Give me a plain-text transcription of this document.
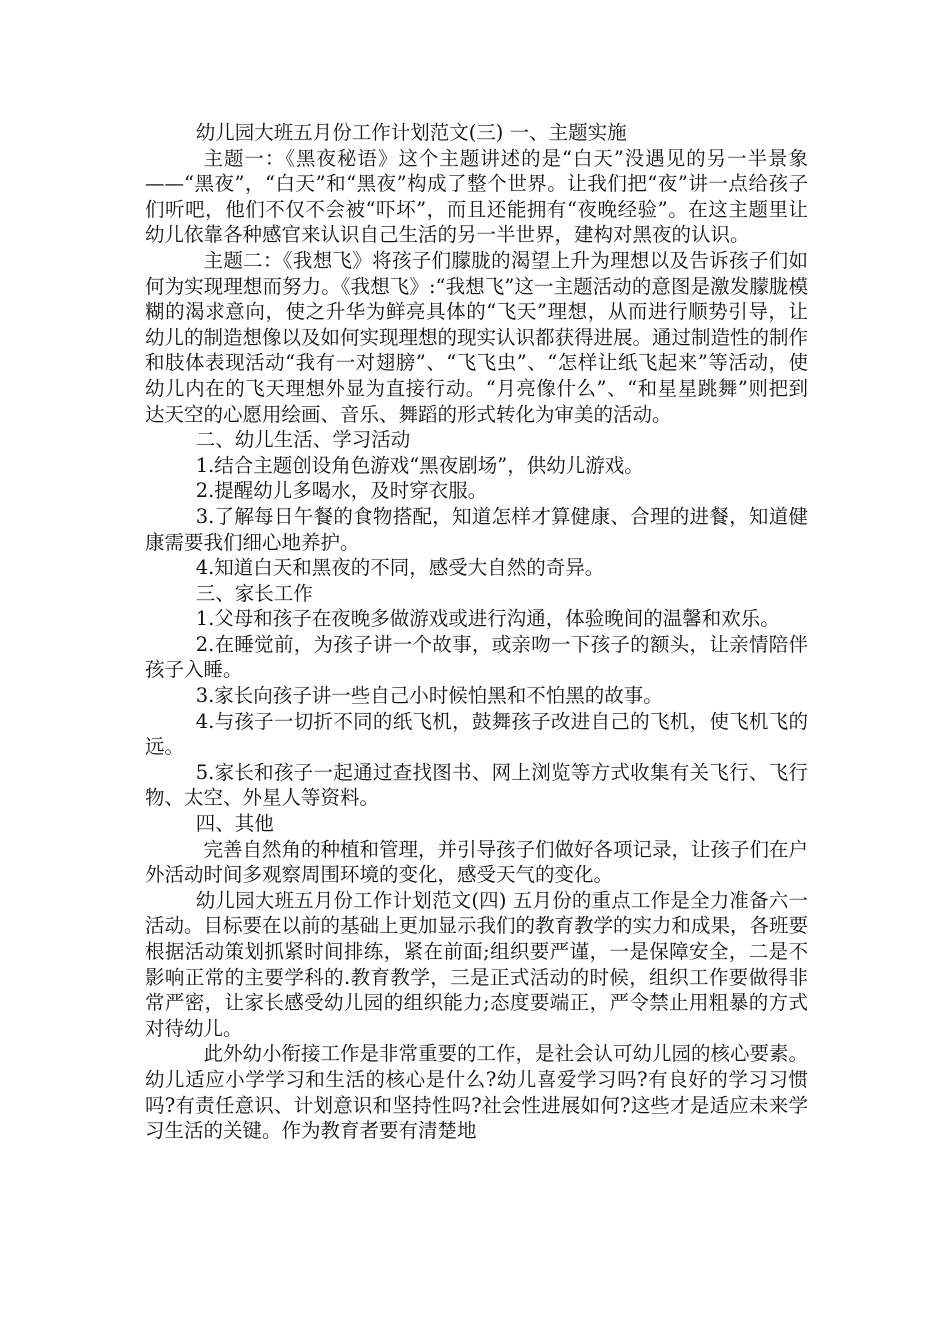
幼儿园大班五月份工作计划范文(三) 一、主题实施

主题一：《黑夜秘语》这个主题讲述的是“白天”没遇见的另一半景象——“黑夜”，“白天”和“黑夜”构成了整个世界。让我们把“夜”讲一点给孩子们听吧，他们不仅不会被“吓坏”，而且还能拥有“夜晚经验”。在这主题里让幼儿依靠各种感官来认识自己生活的另一半世界，建构对黑夜的认识。

主题二：《我想飞》将孩子们朦胧的渴望上升为理想以及告诉孩子们如何为实现理想而努力。《我想飞》:“我想飞”这一主题活动的意图是激发朦胧模糊的渴求意向，使之升华为鲜亮具体的“飞天”理想，从而进行顺势引导，让幼儿的制造想像以及如何实现理想的现实认识都获得进展。通过制造性的制作和肢体表现活动“我有一对翅膀”、“飞飞虫”、“怎样让纸飞起来”等活动，使幼儿内在的飞天理想外显为直接行动。“月亮像什么”、“和星星跳舞”则把到达天空的心愿用绘画、音乐、舞蹈的形式转化为审美的活动。

二、幼儿生活、学习活动

1.结合主题创设角色游戏“黑夜剧场”，供幼儿游戏。

2.提醒幼儿多喝水，及时穿衣服。

3.了解每日午餐的食物搭配，知道怎样才算健康、合理的进餐，知道健康需要我们细心地养护。

4.知道白天和黑夜的不同，感受大自然的奇异。

三、家长工作

1.父母和孩子在夜晚多做游戏或进行沟通，体验晚间的温馨和欢乐。

2.在睡觉前，为孩子讲一个故事，或亲吻一下孩子的额头，让亲情陪伴孩子入睡。

3.家长向孩子讲一些自己小时候怕黑和不怕黑的故事。

4.与孩子一切折不同的纸飞机，鼓舞孩子改进自己的飞机，使飞机飞的远。

5.家长和孩子一起通过查找图书、网上浏览等方式收集有关飞行、飞行物、太空、外星人等资料。

四、其他

完善自然角的种植和管理，并引导孩子们做好各项记录，让孩子们在户外活动时间多观察周围环境的变化，感受天气的变化。

幼儿园大班五月份工作计划范文(四) 五月份的重点工作是全力准备六一活动。目标要在以前的基础上更加显示我们的教育教学的实力和成果，各班要根据活动策划抓紧时间排练，紧在前面;组织要严谨，一是保障安全，二是不影响正常的主要学科的.教育教学，三是正式活动的时候，组织工作要做得非常严密，让家长感受幼儿园的组织能力;态度要端正，严令禁止用粗暴的方式对待幼儿。

此外幼小衔接工作是非常重要的工作，是社会认可幼儿园的核心要素。幼儿适应小学学习和生活的核心是什么?幼儿喜爱学习吗?有良好的学习习惯吗?有责任意识、计划意识和坚持性吗?社会性进展如何?这些才是适应未来学习生活的关键。作为教育者要有清楚地
